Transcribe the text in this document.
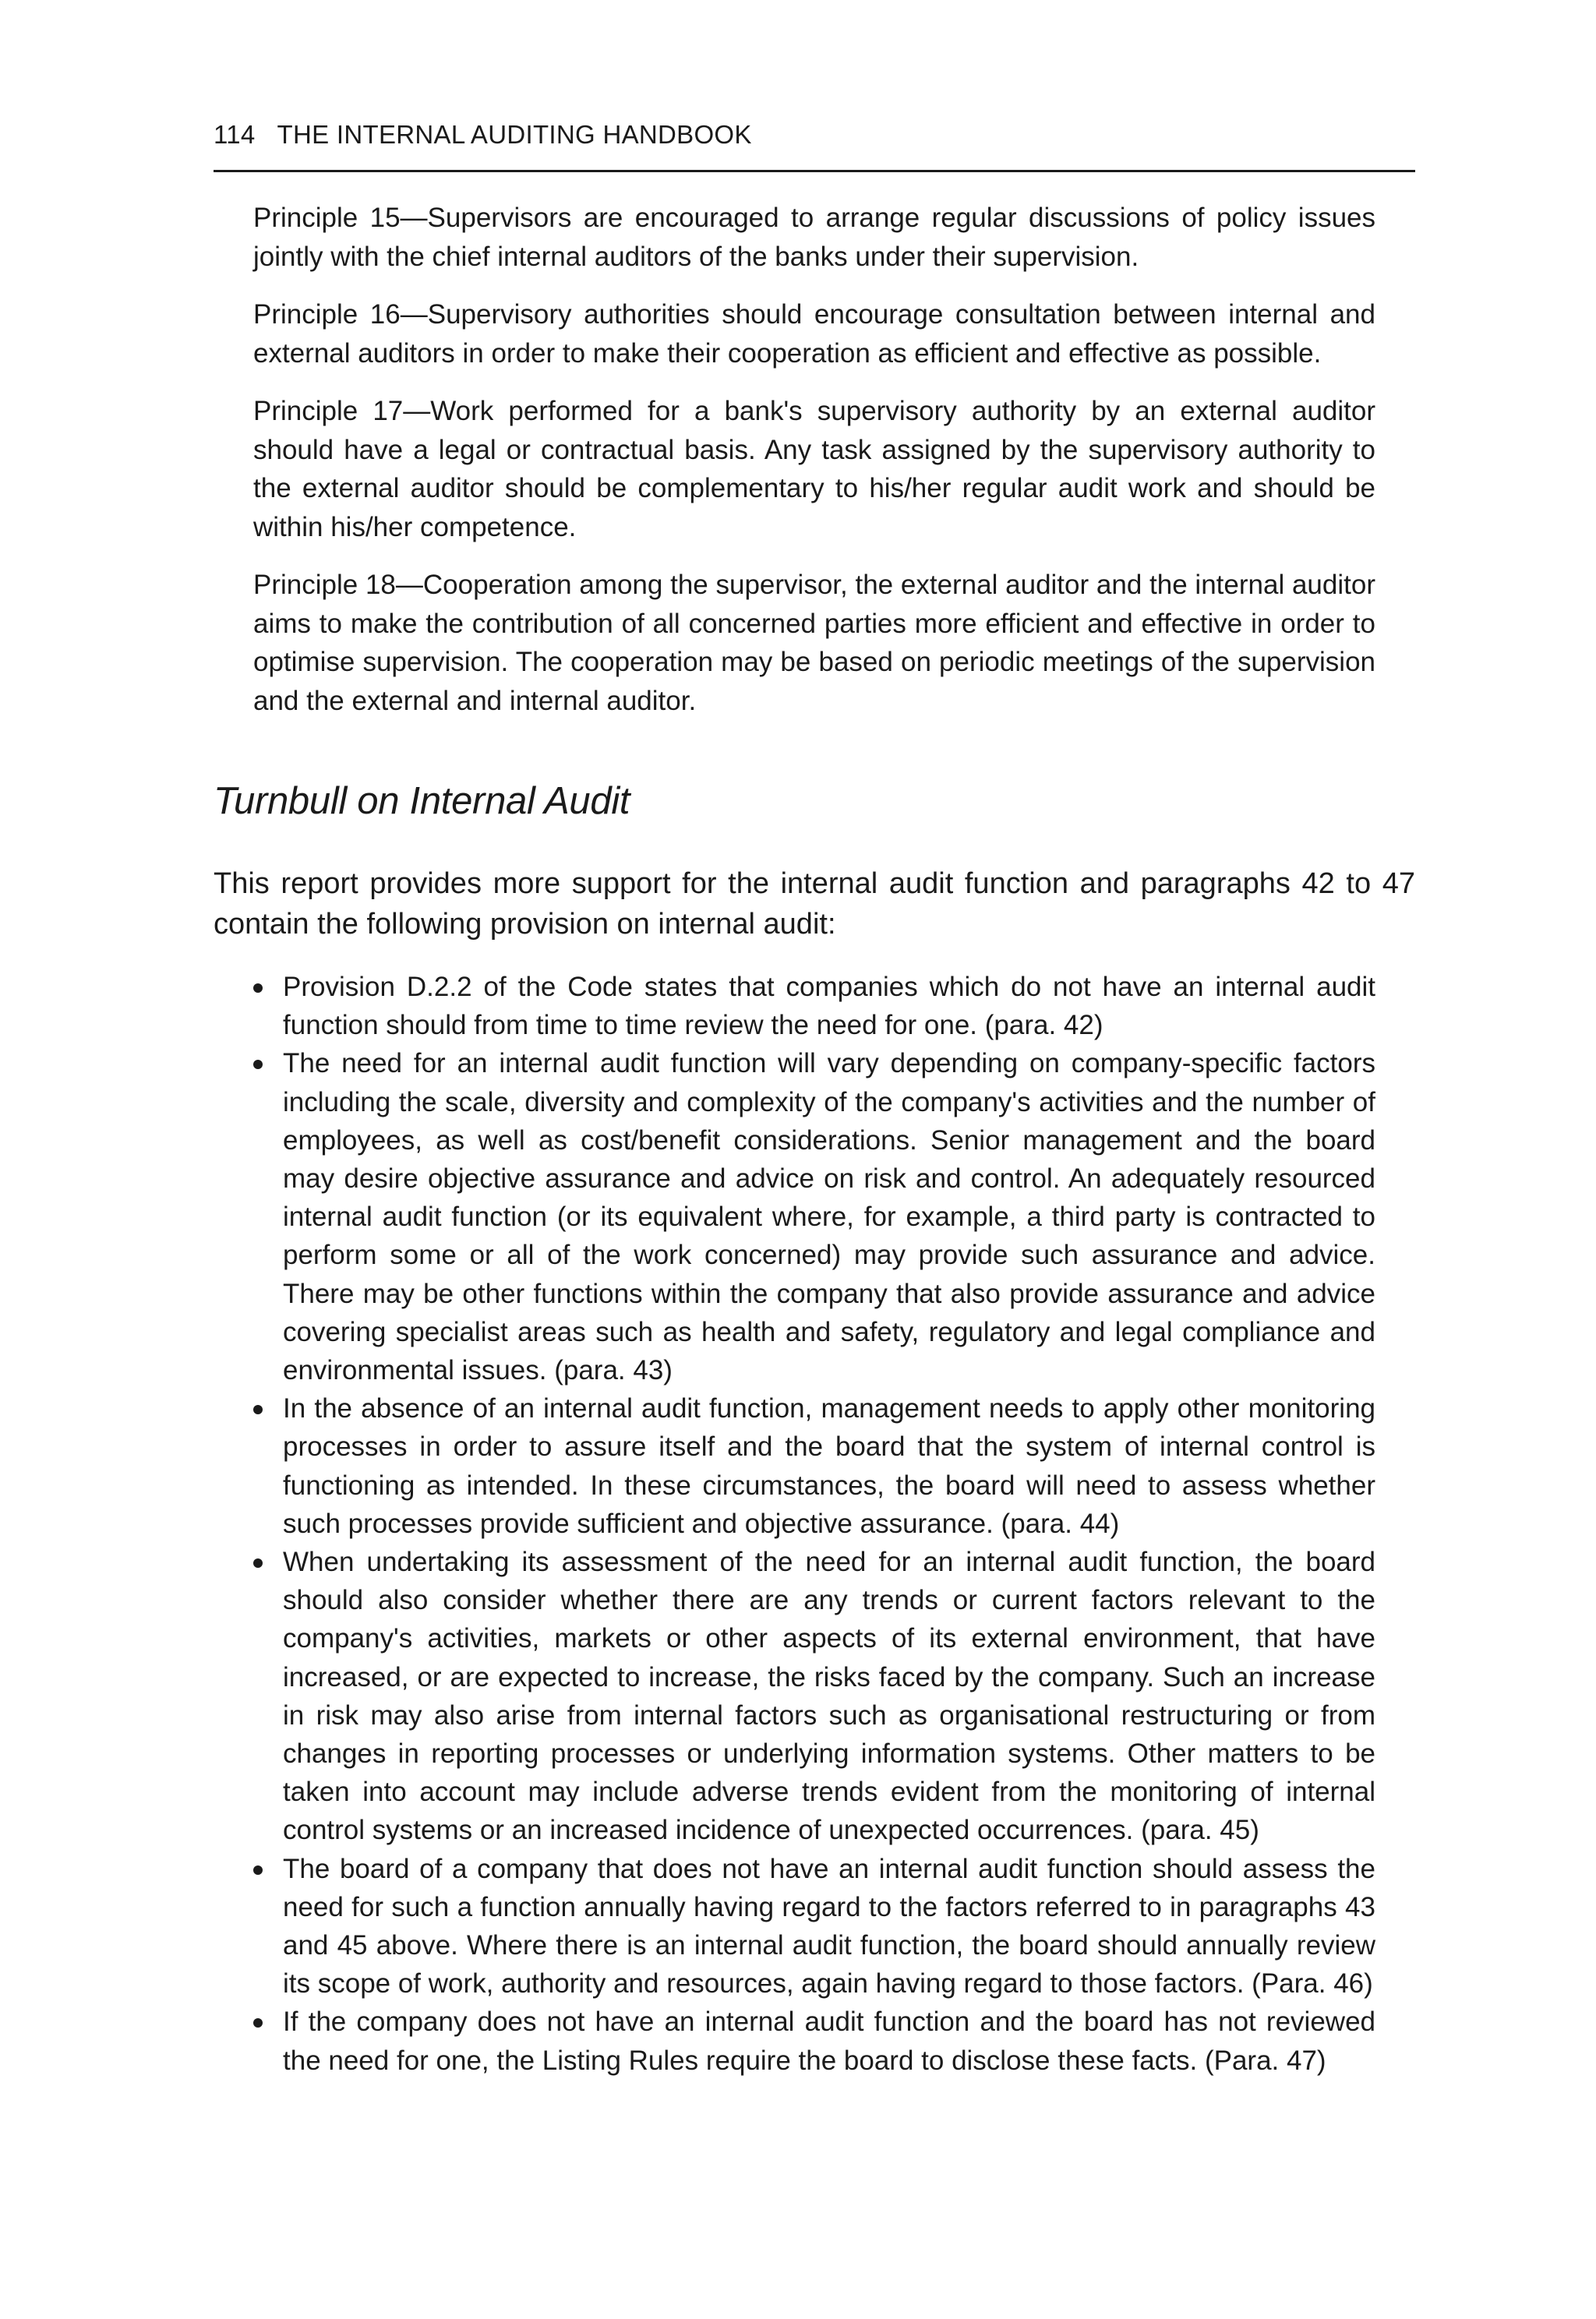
114 THE INTERNAL AUDITING HANDBOOK

Principle 15—Supervisors are encouraged to arrange regular discussions of policy issues jointly with the chief internal auditors of the banks under their supervision.

Principle 16—Supervisory authorities should encourage consultation between internal and external auditors in order to make their cooperation as efficient and effective as possible.

Principle 17—Work performed for a bank's supervisory authority by an external auditor should have a legal or contractual basis. Any task assigned by the supervisory authority to the external auditor should be complementary to his/her regular audit work and should be within his/her competence.

Principle 18—Cooperation among the supervisor, the external auditor and the internal auditor aims to make the contribution of all concerned parties more efficient and effective in order to optimise supervision. The cooperation may be based on periodic meetings of the supervision and the external and internal auditor.

Turnbull on Internal Audit

This report provides more support for the internal audit function and paragraphs 42 to 47 contain the following provision on internal audit:

Provision D.2.2 of the Code states that companies which do not have an internal audit function should from time to time review the need for one. (para. 42)
The need for an internal audit function will vary depending on company-specific factors including the scale, diversity and complexity of the company's activities and the number of employees, as well as cost/benefit considerations. Senior management and the board may desire objective assurance and advice on risk and control. An adequately resourced internal audit function (or its equivalent where, for example, a third party is contracted to perform some or all of the work concerned) may provide such assurance and advice. There may be other functions within the company that also provide assurance and advice covering specialist areas such as health and safety, regulatory and legal compliance and environmental issues. (para. 43)
In the absence of an internal audit function, management needs to apply other monitoring processes in order to assure itself and the board that the system of internal control is functioning as intended. In these circumstances, the board will need to assess whether such processes provide sufficient and objective assurance. (para. 44)
When undertaking its assessment of the need for an internal audit function, the board should also consider whether there are any trends or current factors relevant to the company's activities, markets or other aspects of its external environment, that have increased, or are expected to increase, the risks faced by the company. Such an increase in risk may also arise from internal factors such as organisational restructuring or from changes in reporting processes or underlying information systems. Other matters to be taken into account may include adverse trends evident from the monitoring of internal control systems or an increased incidence of unexpected occurrences. (para. 45)
The board of a company that does not have an internal audit function should assess the need for such a function annually having regard to the factors referred to in paragraphs 43 and 45 above. Where there is an internal audit function, the board should annually review its scope of work, authority and resources, again having regard to those factors. (Para. 46)
If the company does not have an internal audit function and the board has not reviewed the need for one, the Listing Rules require the board to disclose these facts. (Para. 47)
